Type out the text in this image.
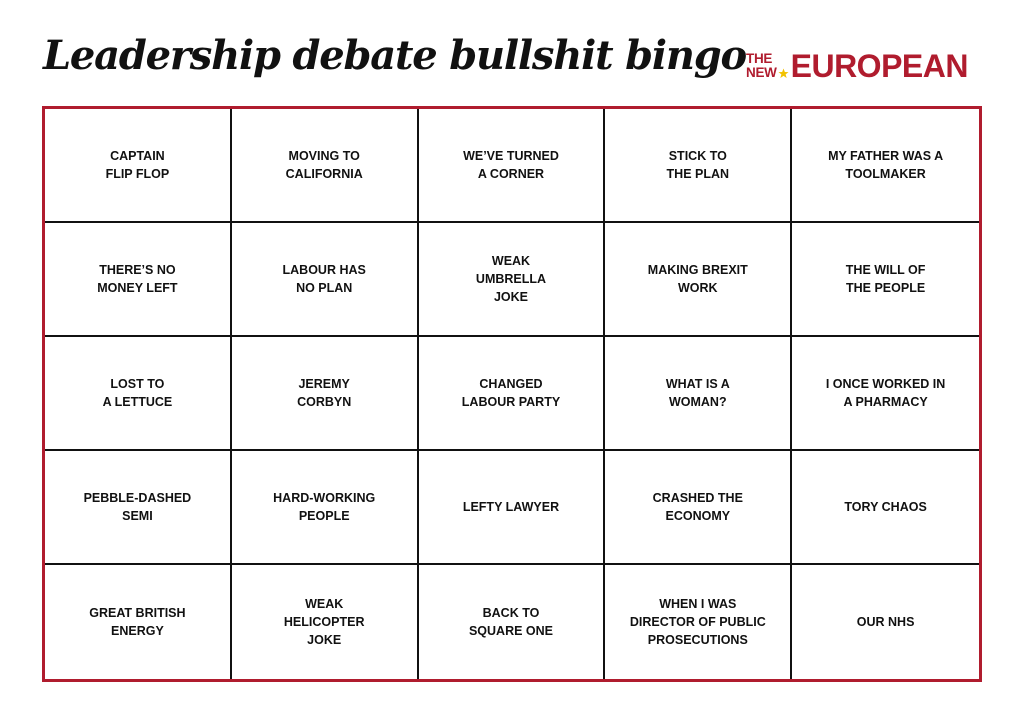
Leadership debate bullshit bingo THE
NEW EUROPEAN
CAPTAIN
FLIP FLOP
MOVING TO
CALIFORNIA
WE’VE TURNED
A CORNER
STICK TO
THE PLAN
MY FATHER WAS A
TOOLMAKER
THERE’S NO
MONEY LEFT
LABOUR HAS
NO PLAN
WEAK
UMBRELLA
JOKE
MAKING BREXIT
WORK
THE WILL OF
THE PEOPLE
LOST TO
A LETTUCE
JEREMY
CORBYN
CHANGED
LABOUR PARTY
WHAT IS A
WOMAN?
I ONCE WORKED IN
A PHARMACY
PEBBLE-DASHED
SEMI
HARD-WORKING
PEOPLE
LEFTY LAWYER
CRASHED THE
ECONOMY
TORY CHAOS
GREAT BRITISH
ENERGY
WEAK
HELICOPTER
JOKE
BACK TO
SQUARE ONE
WHEN I WAS
DIRECTOR OF PUBLIC
PROSECUTIONS
OUR NHS
